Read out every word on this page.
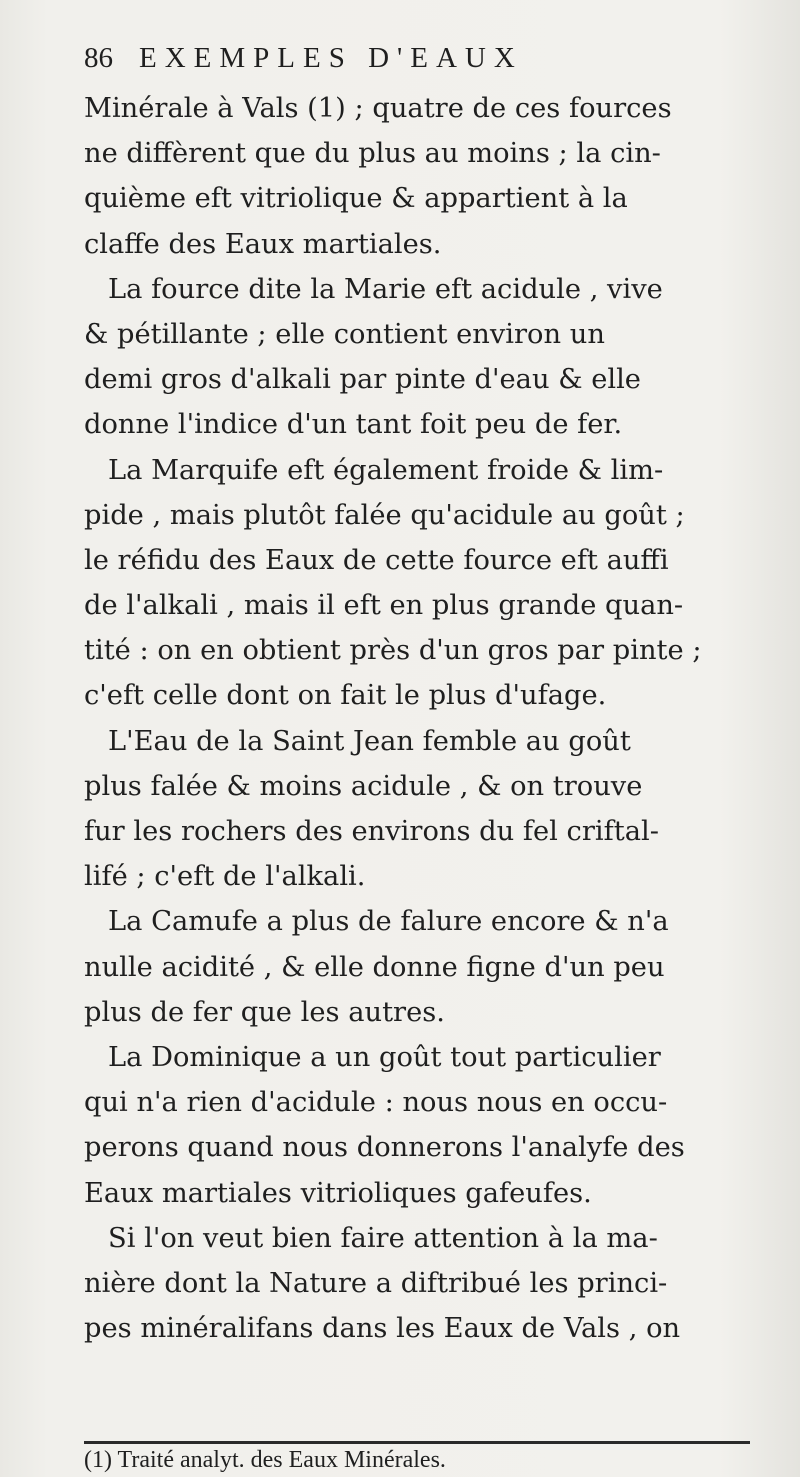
86 EXEMPLES D'EAUX
Minérale à Vals (1) ; quatre de ces fources
ne diffèrent que du plus au moins ; la cin-
quième eft vitriolique & appartient à la
claffe des Eaux martiales.
La fource dite la Marie eft acidule , vive
& pétillante ; elle contient environ un
demi gros d'alkali par pinte d'eau & elle
donne l'indice d'un tant foit peu de fer.
La Marquife eft également froide & lim-
pide , mais plutôt falée qu'acidule au goût ;
le réfidu des Eaux de cette fource eft auffi
de l'alkali , mais il eft en plus grande quan-
tité : on en obtient près d'un gros par pinte ;
c'eft celle dont on fait le plus d'ufage.
L'Eau de la Saint Jean femble au goût
plus falée & moins acidule , & on trouve
fur les rochers des environs du fel criftal-
lifé ; c'eft de l'alkali.
La Camufe a plus de falure encore & n'a
nulle acidité , & elle donne figne d'un peu
plus de fer que les autres.
La Dominique a un goût tout particulier
qui n'a rien d'acidule : nous nous en occu-
perons quand nous donnerons l'analyfe des
Eaux martiales vitrioliques gafeufes.
Si l'on veut bien faire attention à la ma-
nière dont la Nature a diftribué les princi-
pes minéralifans dans les Eaux de Vals , on
(1) Traité analyt. des Eaux Minérales.
